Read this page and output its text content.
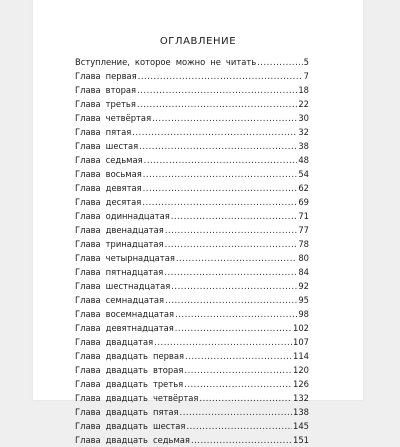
ОГЛАВЛЕНИЕ
Вступление, которое можно не читать .....	5
Глава первая .....	7
Глава вторая .....	18
Глава третья .....	22
Глава четвёртая .....	30
Глава пятая .....	32
Глава шестая .....	38
Глава седьмая .....	48
Глава восьмая .....	54
Глава девятая .....	62
Глава десятая .....	69
Глава одиннадцатая .....	71
Глава двенадцатая .....	77
Глава тринадцатая .....	78
Глава четырнадцатая .....	80
Глава пятнадцатая .....	84
Глава шестнадцатая .....	92
Глава семнадцатая .....	95
Глава восемнадцатая .....	98
Глава девятнадцатая .....	102
Глава двадцатая .....	107
Глава двадцать первая .....	114
Глава двадцать вторая .....	120
Глава двадцать третья .....	126
Глава двадцать четвёртая .....	132
Глава двадцать пятая .....	138
Глава двадцать шестая .....	145
Глава двадцать седьмая .....	151
